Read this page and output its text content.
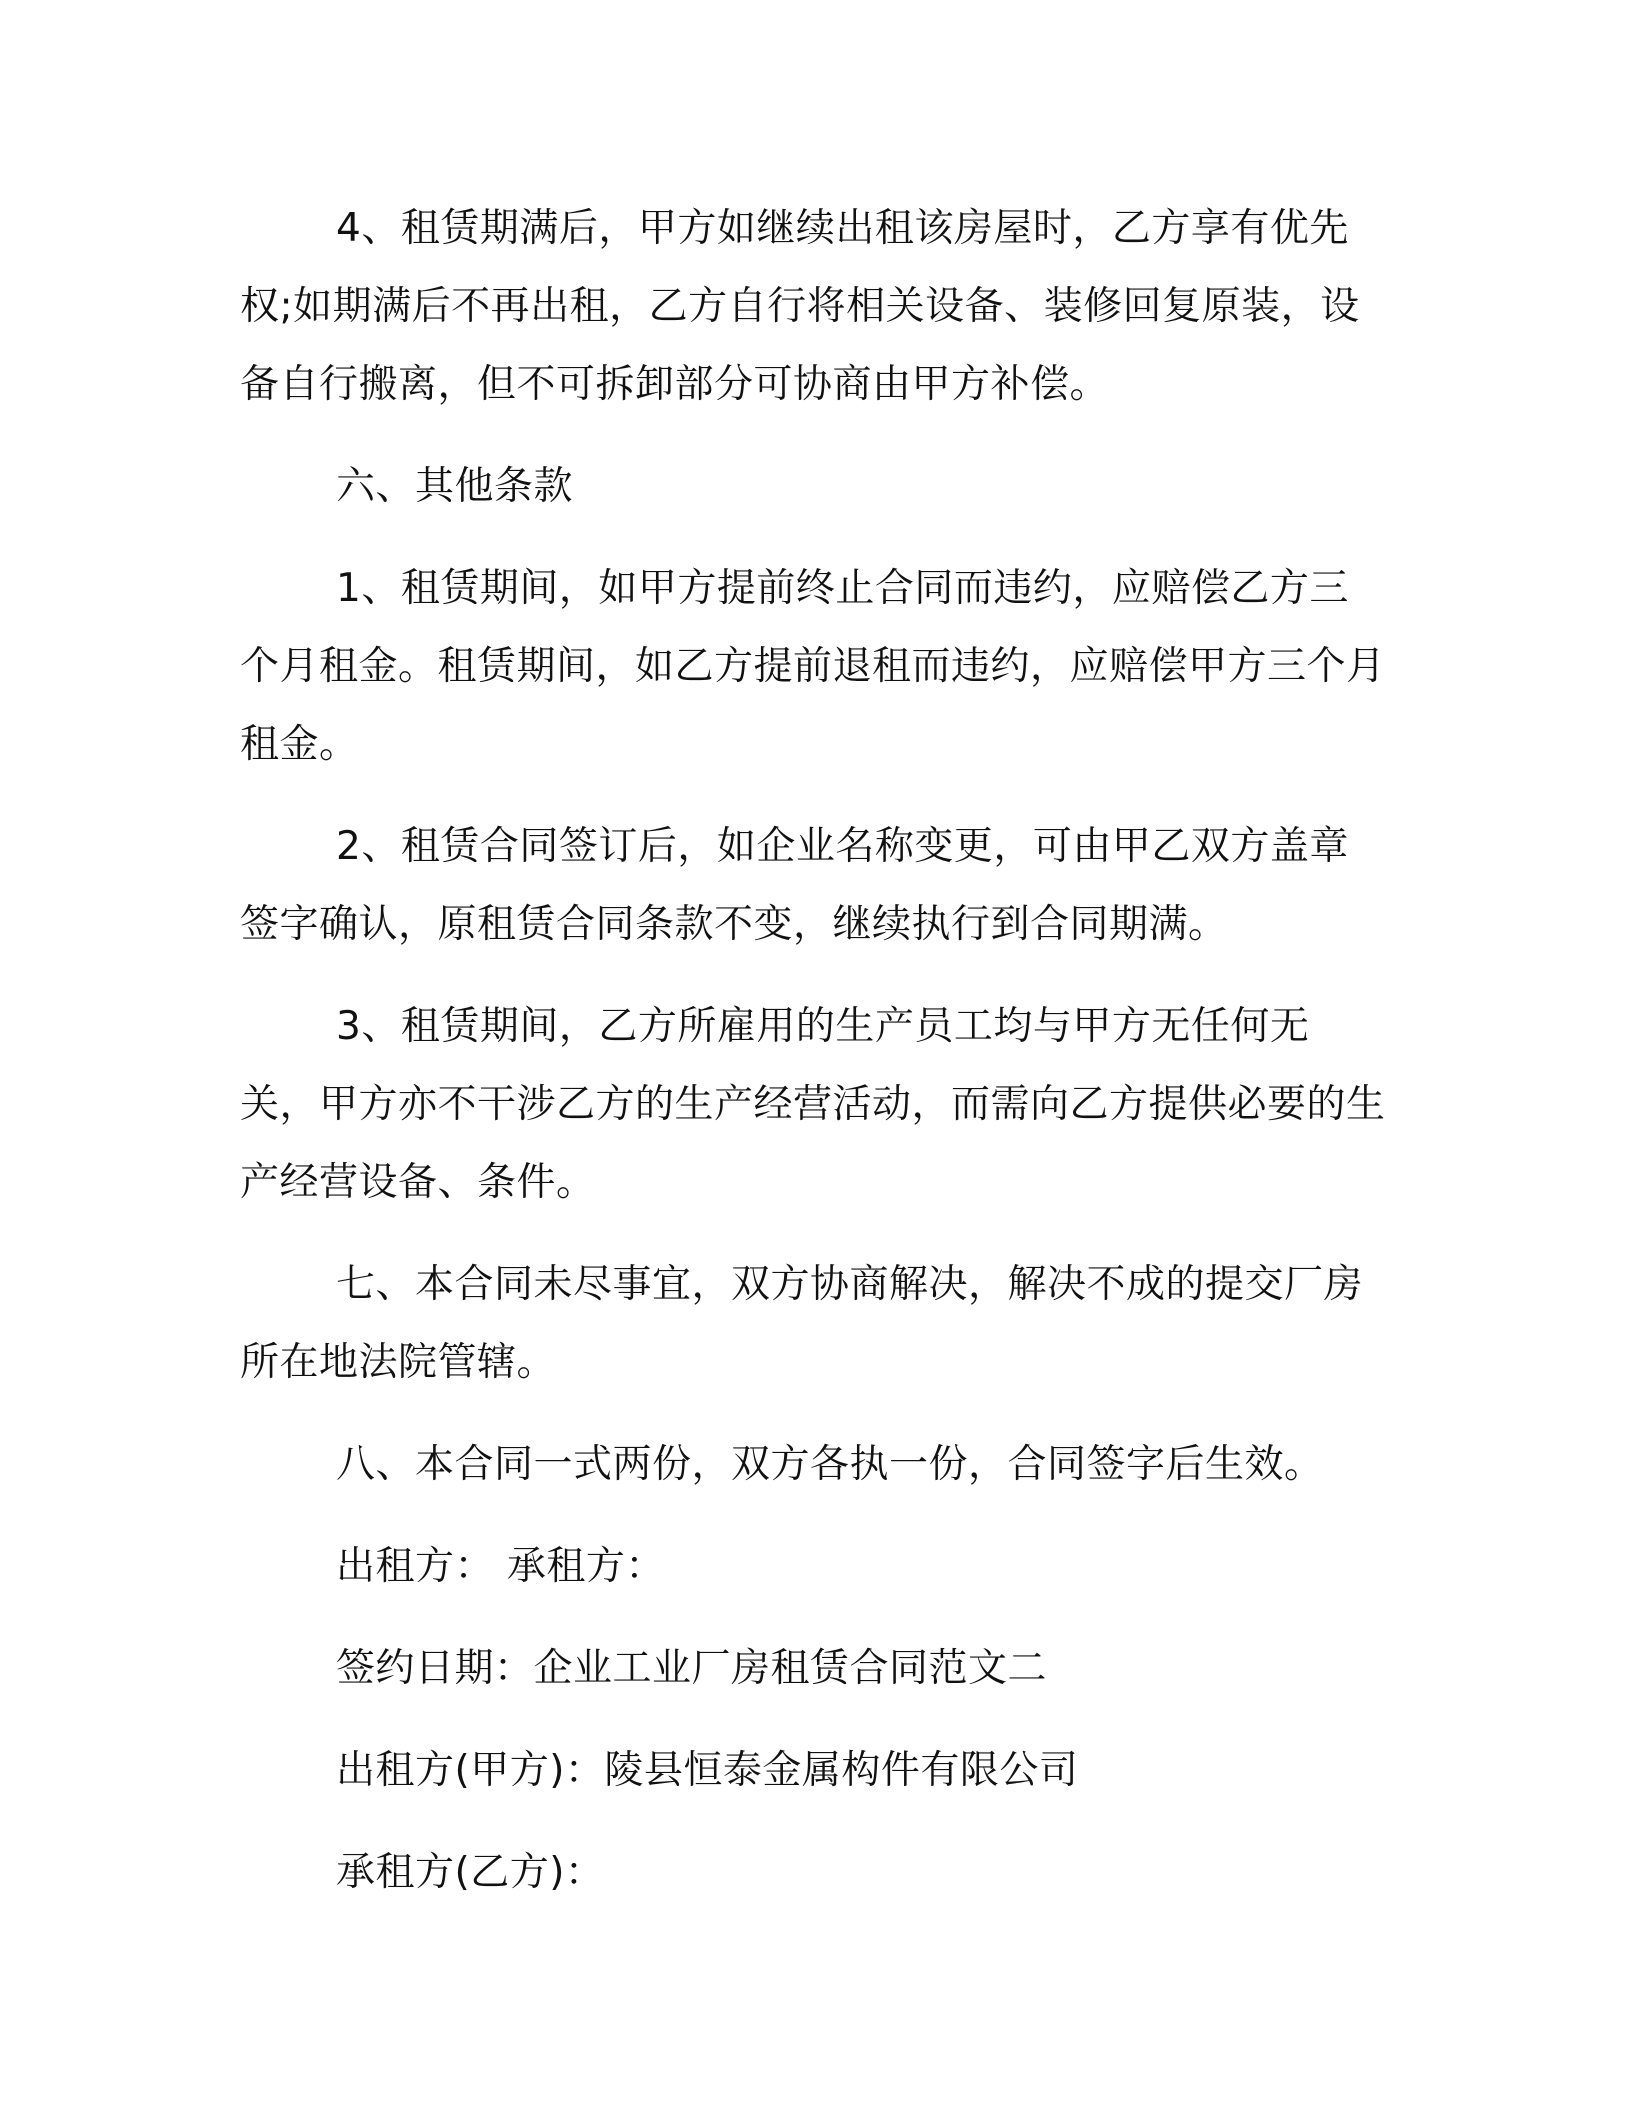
4、租赁期满后，甲方如继续出租该房屋时，乙方享有优先权;如期满后不再出租，乙方自行将相关设备、装修回复原装，设备自行搬离，但不可拆卸部分可协商由甲方补偿。

六、其他条款

1、租赁期间，如甲方提前终止合同而违约，应赔偿乙方三个月租金。租赁期间，如乙方提前退租而违约，应赔偿甲方三个月租金。

2、租赁合同签订后，如企业名称变更，可由甲乙双方盖章签字确认，原租赁合同条款不变，继续执行到合同期满。

3、租赁期间，乙方所雇用的生产员工均与甲方无任何无关，甲方亦不干涉乙方的生产经营活动，而需向乙方提供必要的生产经营设备、条件。

七、本合同未尽事宜，双方协商解决，解决不成的提交厂房所在地法院管辖。

八、本合同一式两份，双方各执一份，合同签字后生效。

出租方： 承租方：

签约日期：企业工业厂房租赁合同范文二

出租方(甲方)：陵县恒泰金属构件有限公司

承租方(乙方)：
